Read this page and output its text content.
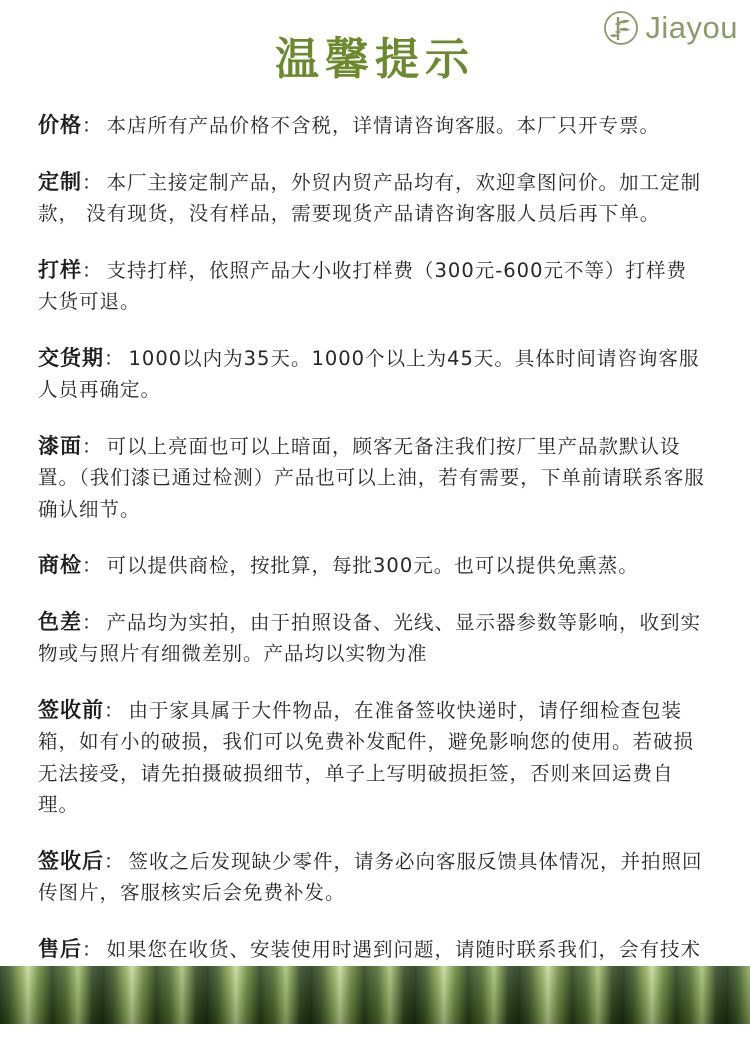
Jiayou
温馨提示

价格： 本店所有产品价格不含税，详情请咨询客服。本厂只开专票。

定制： 本厂主接定制产品，外贸内贸产品均有，欢迎拿图问价。加工定制款， 没有现货，没有样品，需要现货产品请咨询客服人员后再下单。

打样： 支持打样，依照产品大小收打样费（300元-600元不等）打样费大货可退。

交货期： 1000以内为35天。1000个以上为45天。具体时间请咨询客服人员再确定。

漆面： 可以上亮面也可以上暗面，顾客无备注我们按厂里产品款默认设置。（我们漆已通过检测）产品也可以上油，若有需要，下单前请联系客服确认细节。

商检： 可以提供商检，按批算，每批300元。也可以提供免熏蒸。

色差： 产品均为实拍，由于拍照设备、光线、显示器参数等影响，收到实物或与照片有细微差别。产品均以实物为准

签收前： 由于家具属于大件物品，在准备签收快递时，请仔细检查包装箱，如有小的破损，我们可以免费补发配件，避免影响您的使用。若破损无法接受，请先拍摄破损细节，单子上写明破损拒签，否则来回运费自理。

签收后： 签收之后发现缺少零件，请务必向客服反馈具体情况，并拍照回传图片，客服核实后会免费补发。

售后： 如果您在收货、安装使用时遇到问题，请随时联系我们，会有技术
